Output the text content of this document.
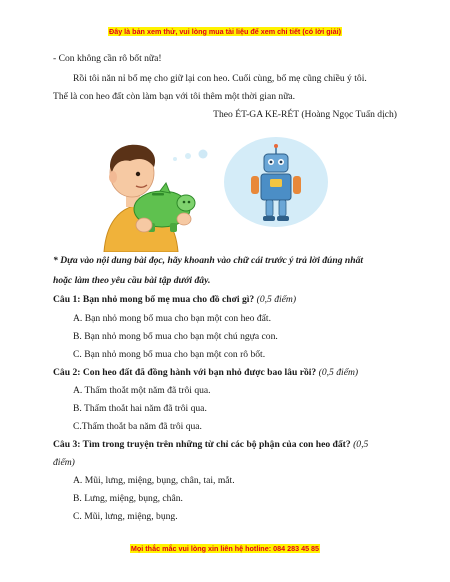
Đây là bản xem thử, vui lòng mua tài liệu để xem chi tiết (có lời giải)
- Con không cần rô bốt nữa!
Rồi tôi năn nỉ bố mẹ cho giữ lại con heo. Cuối cùng, bố mẹ cũng chiều ý tôi.
Thế là con heo đất còn làm bạn với tôi thêm một thời gian nữa.
Theo ÉT-GA KE-RÉT (Hoàng Ngọc Tuấn dịch)
* Dựa vào nội dung bài đọc, hãy khoanh vào chữ cái trước ý trả lời đúng nhất
hoặc làm theo yêu cầu bài tập dưới đây.
Câu 1: Bạn nhỏ mong bố mẹ mua cho đồ chơi gì? (0,5 điểm)
A. Bạn nhỏ mong bố mua cho bạn một con heo đất.
B. Bạn nhỏ mong bố mua cho bạn một chú ngựa con.
C. Bạn nhỏ mong bố mua cho bạn một con rô bốt.
Câu 2: Con heo đất đã đồng hành với bạn nhỏ được bao lâu rồi? (0,5 điểm)
A. Thấm thoắt một năm đã trôi qua.
B. Thấm thoắt hai năm đã trôi qua.
C.Thấm thoắt ba năm đã trôi qua.
Câu 3: Tìm trong truyện trên những từ chỉ các bộ phận của con heo đất? (0,5
điểm)
A. Mũi, lưng, miệng, bụng, chân, tai, mắt.
B. Lưng, miệng, bụng, chân.
C. Mũi, lưng, miệng, bụng.
Mọi thắc mắc vui lòng xin liên hệ hotline: 084 283 45 85
